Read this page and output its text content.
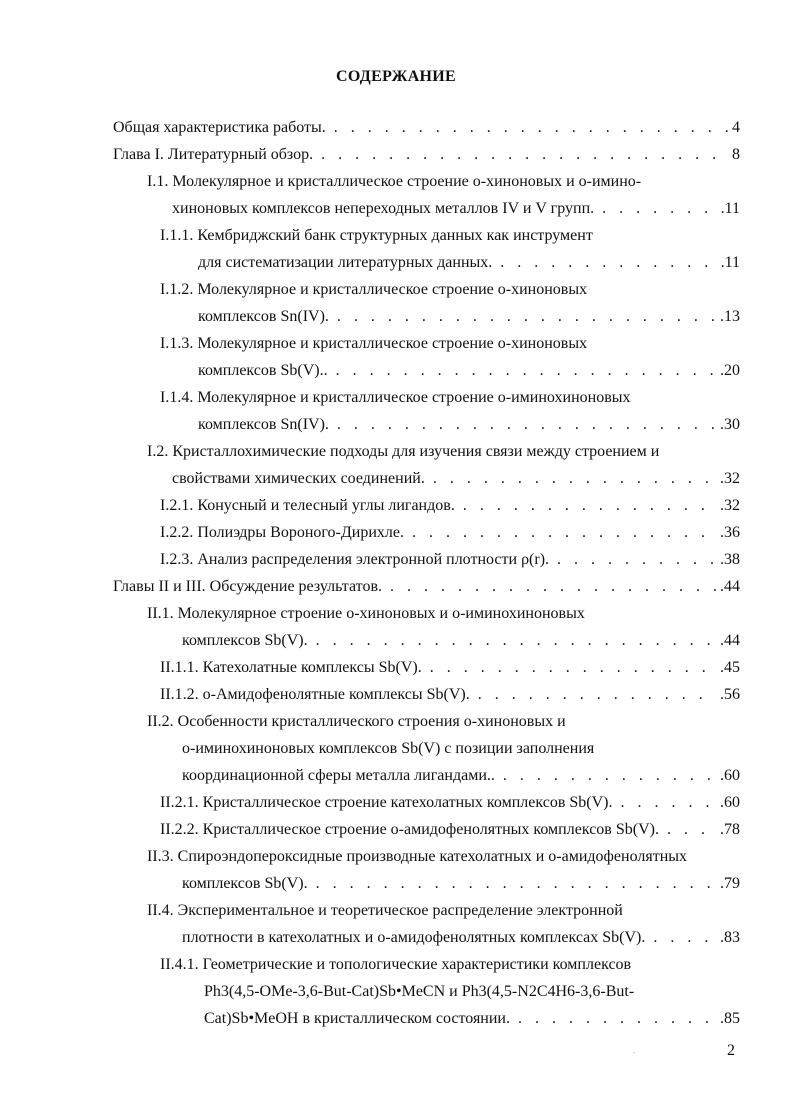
СОДЕРЖАНИЕ
Общая характеристика работы. . . .	4
Глава I. Литературный обзор. . . .	8
I.1. Молекулярное и кристаллическое строение о-хиноновых и о-имино-
хиноновых комплексов непереходных металлов IV и V групп. . . .	.11
I.1.1. Кембриджский банк структурных данных как инструмент
для систематизации литературных данных. . . .	.11
I.1.2. Молекулярное и кристаллическое строение о-хиноновых
комплексов Sn(IV). . . .	.13
I.1.3. Молекулярное и кристаллическое строение о-хиноновых
комплексов Sb(V).. . . .	.20
I.1.4. Молекулярное и кристаллическое строение о-иминохиноновых
комплексов Sn(IV). . . .	.30
I.2. Кристаллохимические подходы для изучения связи между строением и
свойствами химических соединений. . . .	.32
I.2.1. Конусный и телесный углы лигандов. . . .	.32
I.2.2. Полиэдры Вороного-Дирихле. . . .	.36
I.2.3. Анализ распределения электронной плотности ρ(r). . . .	.38
Главы II и III. Обсуждение результатов. . . .	.44
II.1. Молекулярное строение о-хиноновых и о-иминохиноновых
комплексов Sb(V). . . .	.44
II.1.1. Катехолатные комплексы Sb(V). . . .	.45
II.1.2. о-Амидофенолятные комплексы Sb(V). . . .	.56
II.2. Особенности кристаллического строения о-хиноновых и
о-иминохиноновых комплексов Sb(V) с позиции заполнения
координационной сферы металла лигандами.. . . .	.60
II.2.1. Кристаллическое строение катехолатных комплексов Sb(V). . . .	.60
II.2.2. Кристаллическое строение о-амидофенолятных комплексов Sb(V). . . .	.78
II.3. Спироэндопероксидные производные катехолатных и о-амидофенолятных
комплексов Sb(V). . . .	.79
II.4. Экспериментальное и теоретическое распределение электронной
плотности в катехолатных и о-амидофенолятных комплексах Sb(V). . . .	.83
II.4.1. Геометрические и топологические характеристики комплексов
Ph3(4,5-OMe-3,6-But-Cat)Sb•MeCN и Ph3(4,5-N2C4H6-3,6-But-
Cat)Sb•MeOH в кристаллическом состоянии. . . .	.85
.	2
